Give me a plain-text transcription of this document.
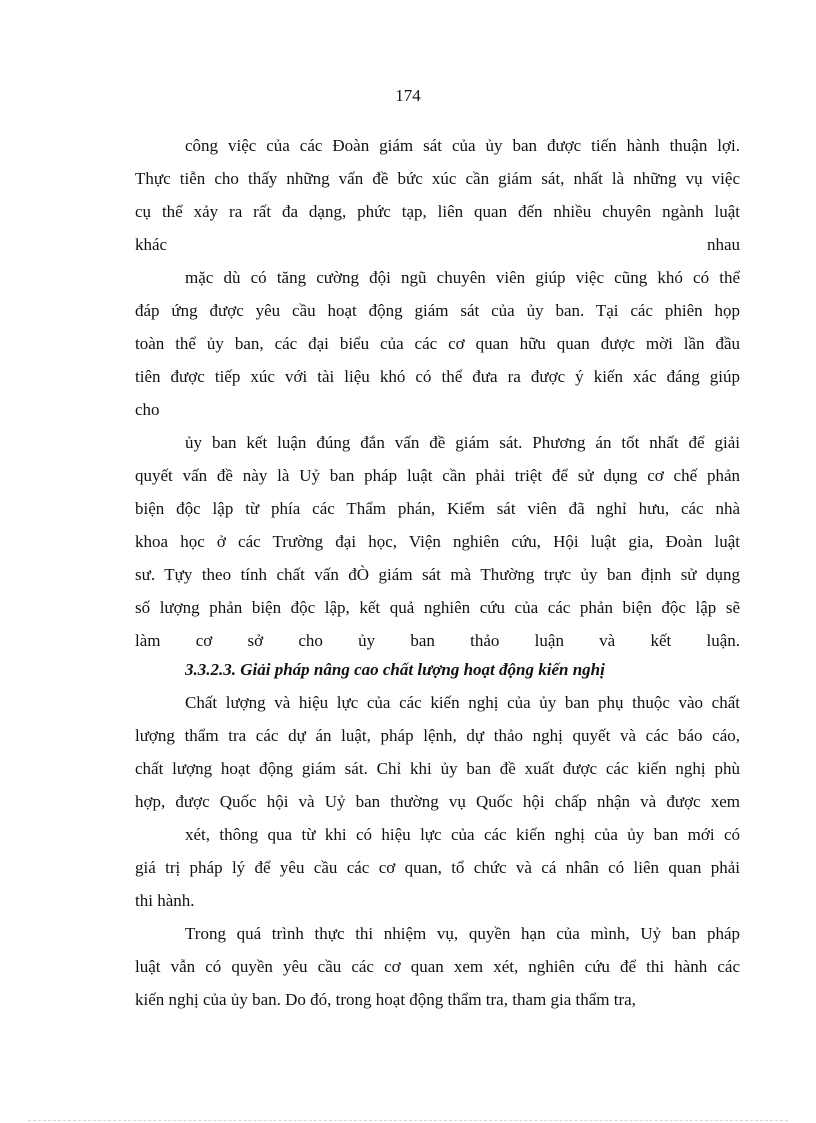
174
công việc của các Đoàn giám sát của ủy ban được tiến hành thuận lợi.
Thực tiễn cho thấy những vấn đề bức xúc cần giám sát, nhất là những vụ việc
cụ thể xảy ra rất đa dạng, phức tạp, liên quan đến nhiều chuyên ngành luật
khác nhau
mặc dù có tăng cường đội ngũ chuyên viên giúp việc cũng khó có thể
đáp ứng được yêu cầu hoạt động giám sát của ủy ban. Tại các phiên họp
toàn thể ủy ban, các đại biểu của các cơ quan hữu quan được mời lần đầu
tiên được tiếp xúc với tài liệu khó có thể đưa ra được ý kiến xác đáng giúp
cho
ủy ban kết luận đúng đắn vấn đề giám sát. Phương án tốt nhất để giải
quyết vấn đề này là Uỷ ban pháp luật cần phải triệt để sử dụng cơ chế phản
biện độc lập từ phía các Thẩm phán, Kiểm sát viên đã nghỉ hưu, các nhà
khoa học ở các Trường đại học, Viện nghiên cứu, Hội luật gia, Đoàn luật
sư. Tựy theo tính chất vấn đÒ giám sát mà Thường trực ủy ban định sử dụng
số lượng phản biện độc lập, kết quả nghiên cứu của các phản biện độc lập sẽ
làm cơ sở cho ủy ban thảo luận và kết luận.
3.3.2.3. Giải pháp nâng cao chất lượng hoạt động kiến nghị
Chất lượng và hiệu lực của các kiến nghị của ủy ban phụ thuộc vào chất
lượng thẩm tra các dự án luật, pháp lệnh, dự thảo nghị quyết và các báo cáo,
chất lượng hoạt động giám sát. Chỉ khi ủy ban đề xuất được các kiến nghị phù
hợp, được Quốc hội và Uỷ ban thường vụ Quốc hội chấp nhận và được xem
xét, thông qua từ khi có hiệu lực của các kiến nghị của ủy ban mới có
giá trị pháp lý để yêu cầu các cơ quan, tổ chức và cá nhân có liên quan phải
thi hành.
Trong quá trình thực thi nhiệm vụ, quyền hạn của mình, Uỷ ban pháp
luật vẫn có quyền yêu cầu các cơ quan xem xét, nghiên cứu để thi hành các
kiến nghị của ủy ban. Do đó, trong hoạt động thẩm tra, tham gia thẩm tra,
